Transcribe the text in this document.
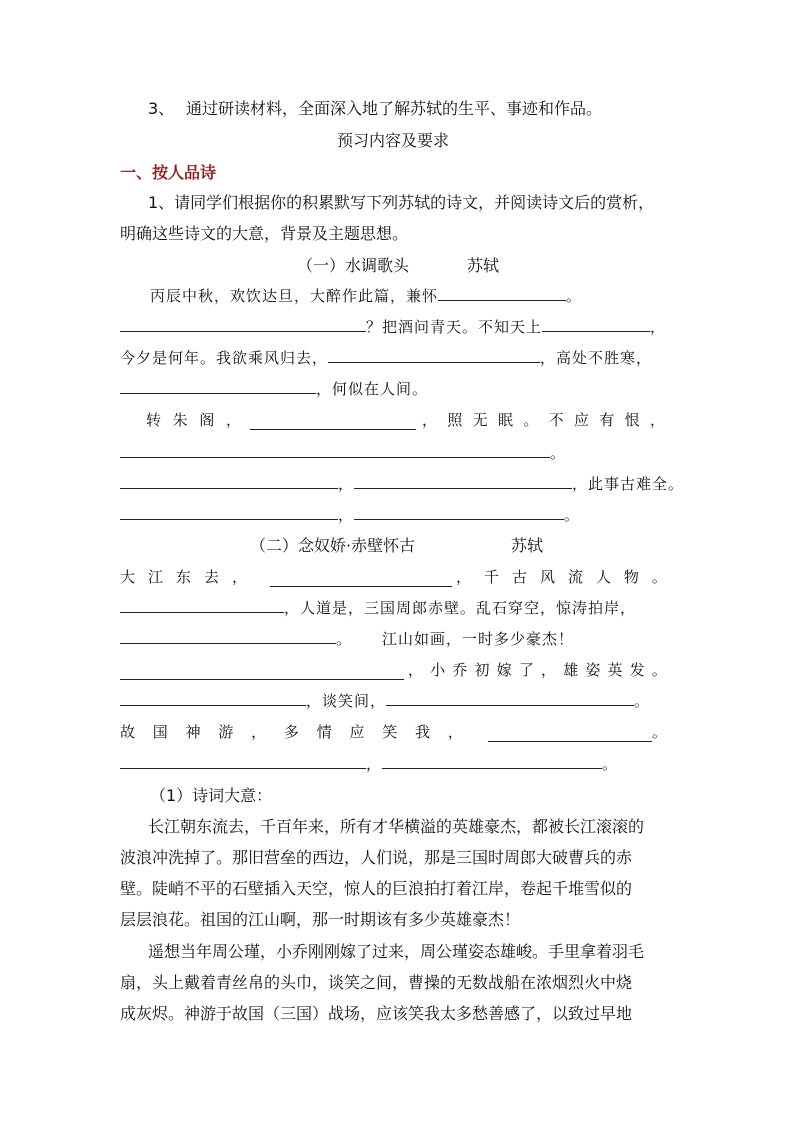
3、 通过研读材料，全面深入地了解苏轼的生平、事迹和作品。
预习内容及要求
一、按人品诗
1、请同学们根据你的积累默写下列苏轼的诗文，并阅读诗文后的赏析，
明确这些诗文的大意，背景及主题思想。
（一）水调歌头	苏轼
丙辰中秋，欢饮达旦，大醉作此篇，兼怀	。
？把酒问青天。不知天上	，
今夕是何年。我欲乘风归去，	，高处不胜寒，
，何似在人间。
转 朱 阁 ，	， 照 无 眠 。 不 应 有 恨 ，
。
，	，此事古难全。
，	。
（二）念奴娇·赤壁怀古	苏轼
大 江 东 去 ，	， 千 古 风 流 人 物 。
，人道是，三国周郎赤壁。乱石穿空，惊涛拍岸，
。 江山如画，一时多少豪杰！
， 小 乔 初 嫁 了 ， 雄 姿 英 发 。
，谈笑间，	。
故 国 神 游 ， 多 情 应 笑 我 ，	。
，	。
（1）诗词大意：
长江朝东流去，千百年来，所有才华横溢的英雄豪杰，都被长江滚滚的
波浪冲洗掉了。那旧营垒的西边，人们说，那是三国时周郎大破曹兵的赤
壁。陡峭不平的石壁插入天空，惊人的巨浪拍打着江岸，卷起千堆雪似的
层层浪花。祖国的江山啊，那一时期该有多少英雄豪杰！
遥想当年周公瑾，小乔刚刚嫁了过来，周公瑾姿态雄峻。手里拿着羽毛
扇，头上戴着青丝帛的头巾，谈笑之间，曹操的无数战船在浓烟烈火中烧
成灰烬。神游于故国（三国）战场，应该笑我太多愁善感了，以致过早地
